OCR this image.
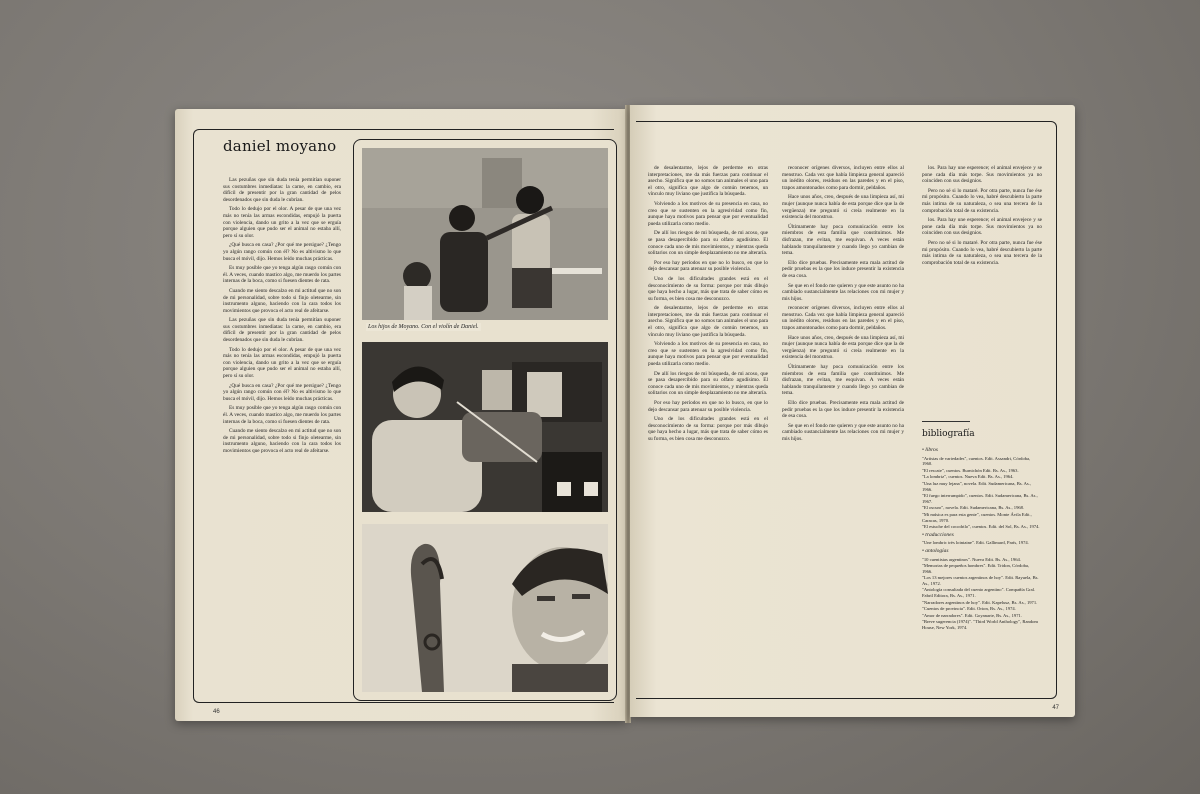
daniel moyano

Las pezuñas que sin duda tenía permitían suponer sus costumbres inmediatas: la carne, en cambio, era difícil de presentir por la gran cantidad de pelos desordenados que sin duda le cubrían.

Todo lo dedujo por el olor. A pesar de que una vez más no tenía las armas escondidas, empujó la puerta con violencia, dando un grito a la vez que se erguía porque alguien que pudo ser el animal no estaba allí, pero sí su olor.

¿Qué busca en casa? ¿Por qué me persigue? ¿Tengo yo algún rango común con él? No es altivismo lo que busca el móvil, dijo. Hemos leído muchas prácticas.

Es muy posible que yo tenga algún rasgo común con él. A veces, cuando mastico algo, me muerdo los partes internas de la boca, como si fuesen dientes de rata.

Cuando me siento descalzo en mi actitud que no son de mi personalidad, sobre todo si finjo oletearme, sin instrumento alguno, haciendo con la cara todos los movimientos que provoca el acto real de afeitarse.

Las pezuñas que sin duda tenía permitían suponer sus costumbres inmediatas: la carne, en cambio, era difícil de presentir por la gran cantidad de pelos desordenados que sin duda le cubrían.

Todo lo dedujo por el olor. A pesar de que una vez más no tenía las armas escondidas, empujó la puerta con violencia, dando un grito a la vez que se erguía porque alguien que pudo ser el animal no estaba allí, pero sí su olor.

¿Qué busca en casa? ¿Por qué me persigue? ¿Tengo yo algún rango común con él? No es altivismo lo que busca el móvil, dijo. Hemos leído muchas prácticas.

Es muy posible que yo tenga algún rasgo común con él. A veces, cuando mastico algo, me muerdo los partes internas de la boca, como si fuesen dientes de rata.

Cuando me siento descalzo en mi actitud que no son de mi personalidad, sobre todo si finjo oletearme, sin instrumento alguno, haciendo con la cara todos los movimientos que provoca el acto real de afeitarse.

Los hijos de Moyano. Con el violín de Daniel.
46

de desalentarme, lejos de perderme en otras interpretaciones, me da más fuerzas para continuar el asecho. Significa que no somos tan animales el uno para el otro, significa que algo de común tenemos, un vínculo muy liviano que justifica la búsqueda.

Volviendo a los motivos de su presencia en casa, no creo que se sustenten en la agresividad como fin, aunque haya motivos para pensar que por eventualidad pueda utilizarla como medio.

De allí los riesgos de mi búsqueda, de mi acoso, que se pasa desapercibido para su olfato agudísimo. El conoce cada uno de mis movimientos, y mientras queda solitarios con un simple desplazamiento no me alteraría.

Por eso hay períodos en que no lo busco, en que lo dejo descansar para atenuar su posible violencia.

Uno de los dificultades grandes está en el desconocimiento de su forma: porque por más dibujo que haya hecho a lugar, más que trata de saber cómo es su forma, es bien cosa me desconozco.

de desalentarme, lejos de perderme en otras interpretaciones, me da más fuerzas para continuar el asecho. Significa que no somos tan animales el uno para el otro, significa que algo de común tenemos, un vínculo muy liviano que justifica la búsqueda.

Volviendo a los motivos de su presencia en casa, no creo que se sustenten en la agresividad como fin, aunque haya motivos para pensar que por eventualidad pueda utilizarla como medio.

De allí los riesgos de mi búsqueda, de mi acoso, que se pasa desapercibido para su olfato agudísimo. El conoce cada uno de mis movimientos, y mientras queda solitarios con un simple desplazamiento no me alteraría.

Por eso hay períodos en que no lo busco, en que lo dejo descansar para atenuar su posible violencia.

Uno de los dificultades grandes está en el desconocimiento de su forma: porque por más dibujo que haya hecho a lugar, más que trata de saber cómo es su forma, es bien cosa me desconozco.

reconocer orígenes diversos, incluyen entre ellos al menstruo. Cada vez que había limpieza general apareció un inédito olores, residuos en las paredes y en el piso, trapos amontonados como para dormir, peldaños.

Hace unos años, creo, después de una limpieza así, mi mujer (aunque nunca había de esta porque dice que la de vergüenza) me preguntó si creía realmente en la existencia del monstruo.

Últimamente hay poca comunicación entre los miembros de esta familia que constituimos. Me disfrazan, me evitan, me esquivan. A veces están hablando tranquilamente y cuando llego yo cambian de tema.

Ello dice pruebas. Precisamente esta mala actitud de pedir pruebas es la que los induce presentir la existencia de esa cosa.

Se que en el fondo me quieren y que este asunto no ha cambiado sustancialmente las relaciones con mi mujer y mis hijos.

reconocer orígenes diversos, incluyen entre ellos al menstruo. Cada vez que había limpieza general apareció un inédito olores, residuos en las paredes y en el piso, trapos amontonados como para dormir, peldaños.

Hace unos años, creo, después de una limpieza así, mi mujer (aunque nunca había de esta porque dice que la de vergüenza) me preguntó si creía realmente en la existencia del monstruo.

Últimamente hay poca comunicación entre los miembros de esta familia que constituimos. Me disfrazan, me evitan, me esquivan. A veces están hablando tranquilamente y cuando llego yo cambian de tema.

Ello dice pruebas. Precisamente esta mala actitud de pedir pruebas es la que los induce presentir la existencia de esa cosa.

Se que en el fondo me quieren y que este asunto no ha cambiado sustancialmente las relaciones con mi mujer y mis hijos.

los. Para hay une esperence; el animal envejece y se pone cada día más torpe. Sus movimientos ya no coinciden con sus designios.

Pero no sé si lo mataré. Por otra parte, nunca fue ése mi propósito. Cuando lo vea, habré descubierto la parte más intima de su naturaleza, o sea una tercera de la comprobación total de su existencia.

los. Para hay une esperence; el animal envejece y se pone cada día más torpe. Sus movimientos ya no coinciden con sus designios.

Pero no sé si lo mataré. Por otra parte, nunca fue ése mi propósito. Cuando lo vea, habré descubierto la parte más intima de su naturaleza, o sea una tercera de la comprobación total de su existencia.

bibliografía
• libros
"Artistas de variedades", cuentos. Edit. Assandri, Córdoba, 1960.
"El rescate", cuentos. Burnichón Edit. Bs. As., 1963.
"La lombriz", cuentos. Nueva Edit. Bs. As., 1964.
"Una luz muy lejana", novela. Edit. Sudamericana, Bs. As., 1966.
"El fuego interrumpido", cuentos. Edit. Sudamericana, Bs. As., 1967.
"El oscuro", novela. Edit. Sudamericana, Bs. As., 1968.
"Mi música es para esta gente", cuentos. Monte Ávila Edit., Caracas, 1970.
"El estuche del cocodrilo", cuentos. Edit. del Sol, Bs. As., 1974.
• traducciones
"Une lombric très lointaine". Edit. Gallimard, París, 1974.
• antologías
"10 cuentistas argentinos". Nueva Edit. Bs. As., 1964.
"Memorias de pequeños hombres". Edit. Tridon, Córdoba, 1966.
"Los 13 mejores cuentos argentinos de hoy". Edit. Rayuela, Bs. As., 1972.
"Antología consultada del cuento argentino". Compañía Gral. Fabril Editora, Bs. As., 1971.
"Narradores argentinos de hoy". Edit. Kapelusz, Bs. As., 1971.
"Cuentos de provincia". Edit. Orion, Bs. As., 1974.
"Amor de narradores". Edit. Goyanarte, Bs. As., 1971.
"Breve sugerencia (1974)". "Third World Anthology", Random House, New York, 1974.
47
